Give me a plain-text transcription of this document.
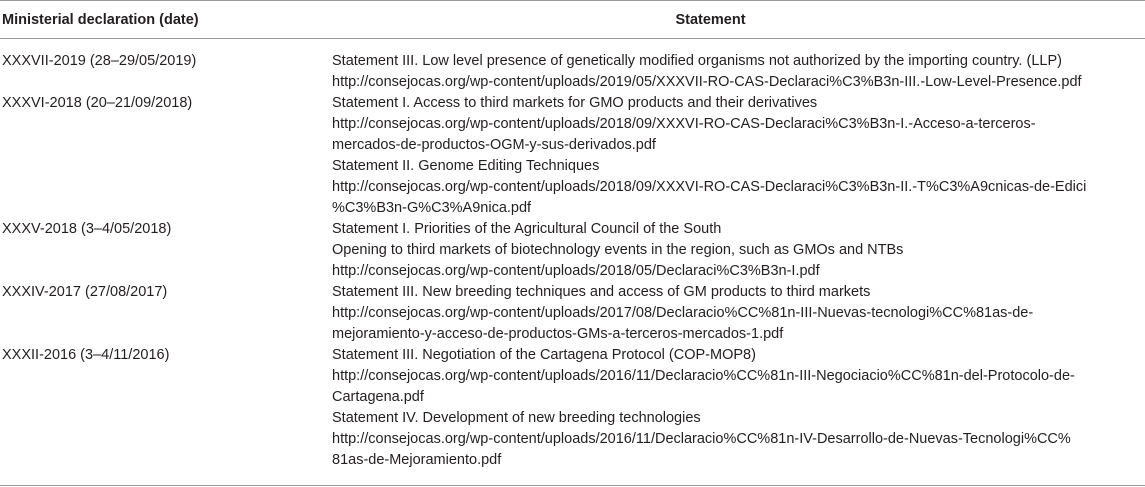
Ministerial declaration (date)	Statement
XXXVII-2019 (28–29/05/2019)	Statement III. Low level presence of genetically modified organisms not authorized by the importing country. (LLP)
http://consejocas.org/wp-content/uploads/2019/05/XXXVII-RO-CAS-Declaraci%C3%B3n-III.-Low-Level-Presence.pdf
XXXVI-2018 (20–21/09/2018)	Statement I. Access to third markets for GMO products and their derivatives
http://consejocas.org/wp-content/uploads/2018/09/XXXVI-RO-CAS-Declaraci%C3%B3n-I.-Acceso-a-terceros-
mercados-de-productos-OGM-y-sus-derivados.pdf
Statement II. Genome Editing Techniques
http://consejocas.org/wp-content/uploads/2018/09/XXXVI-RO-CAS-Declaraci%C3%B3n-II.-T%C3%A9cnicas-de-Edici
%C3%B3n-G%C3%A9nica.pdf
XXXV-2018 (3–4/05/2018)	Statement I. Priorities of the Agricultural Council of the South
Opening to third markets of biotechnology events in the region, such as GMOs and NTBs
http://consejocas.org/wp-content/uploads/2018/05/Declaraci%C3%B3n-I.pdf
XXXIV-2017 (27/08/2017)	Statement III. New breeding techniques and access of GM products to third markets
http://consejocas.org/wp-content/uploads/2017/08/Declaracio%CC%81n-III-Nuevas-tecnologi%CC%81as-de-
mejoramiento-y-acceso-de-productos-GMs-a-terceros-mercados-1.pdf
XXXII-2016 (3–4/11/2016)	Statement III. Negotiation of the Cartagena Protocol (COP-MOP8)
http://consejocas.org/wp-content/uploads/2016/11/Declaracio%CC%81n-III-Negociacio%CC%81n-del-Protocolo-de-
Cartagena.pdf
Statement IV. Development of new breeding technologies
http://consejocas.org/wp-content/uploads/2016/11/Declaracio%CC%81n-IV-Desarrollo-de-Nuevas-Tecnologi%CC%
81as-de-Mejoramiento.pdf
